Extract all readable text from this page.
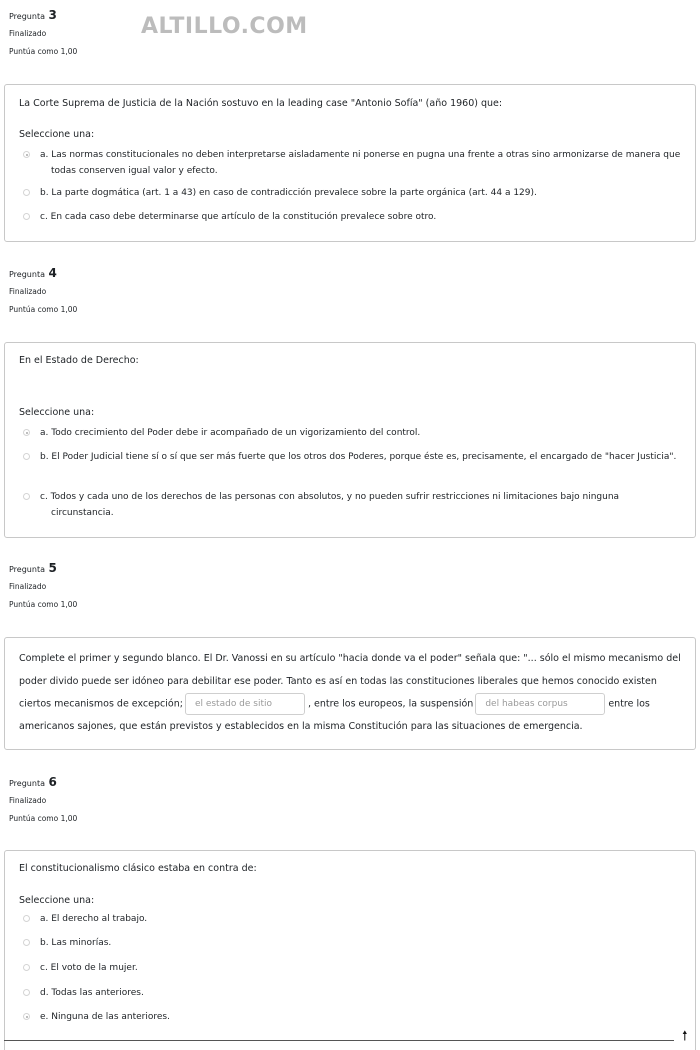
ALTILLO.COM
Pregunta 3
Finalizado
Puntúa como 1,00
La Corte Suprema de Justicia de la Nación sostuvo en la leading case "Antonio Sofía" (año 1960) que:
Seleccione una:
a. Las normas constitucionales no deben interpretarse aisladamente ni ponerse en pugna una frente a otras sino armonizarse de manera que todas conserven igual valor y efecto.
b. La parte dogmática (art. 1 a 43) en caso de contradicción prevalece sobre la parte orgánica (art. 44 a 129).
c. En cada caso debe determinarse que artículo de la constitución prevalece sobre otro.
Pregunta 4
Finalizado
Puntúa como 1,00
En el Estado de Derecho:
Seleccione una:
a. Todo crecimiento del Poder debe ir acompañado de un vigorizamiento del control.
b. El Poder Judicial tiene sí o sí que ser más fuerte que los otros dos Poderes, porque éste es, precisamente, el encargado de "hacer Justicia".
c. Todos y cada uno de los derechos de las personas con absolutos, y no pueden sufrir restricciones ni limitaciones bajo ninguna circunstancia.
Pregunta 5
Finalizado
Puntúa como 1,00
Complete el primer y segundo blanco. El Dr. Vanossi en su artículo "hacia donde va el poder" señala que: "... sólo el mismo mecanismo del poder divido puede ser idóneo para debilitar ese poder. Tanto es así en todas las constituciones liberales que hemos conocido existen ciertos mecanismos de excepción; el estado de sitio	, entre los europeos, la suspensión del habeas corpus	entre los americanos sajones, que están previstos y establecidos en la misma Constitución para las situaciones de emergencia.
Pregunta 6
Finalizado
Puntúa como 1,00
El constitucionalismo clásico estaba en contra de:
Seleccione una:
a. El derecho al trabajo.
b. Las minorías.
c. El voto de la mujer.
d. Todas las anteriores.
e. Ninguna de las anteriores.
🠕
